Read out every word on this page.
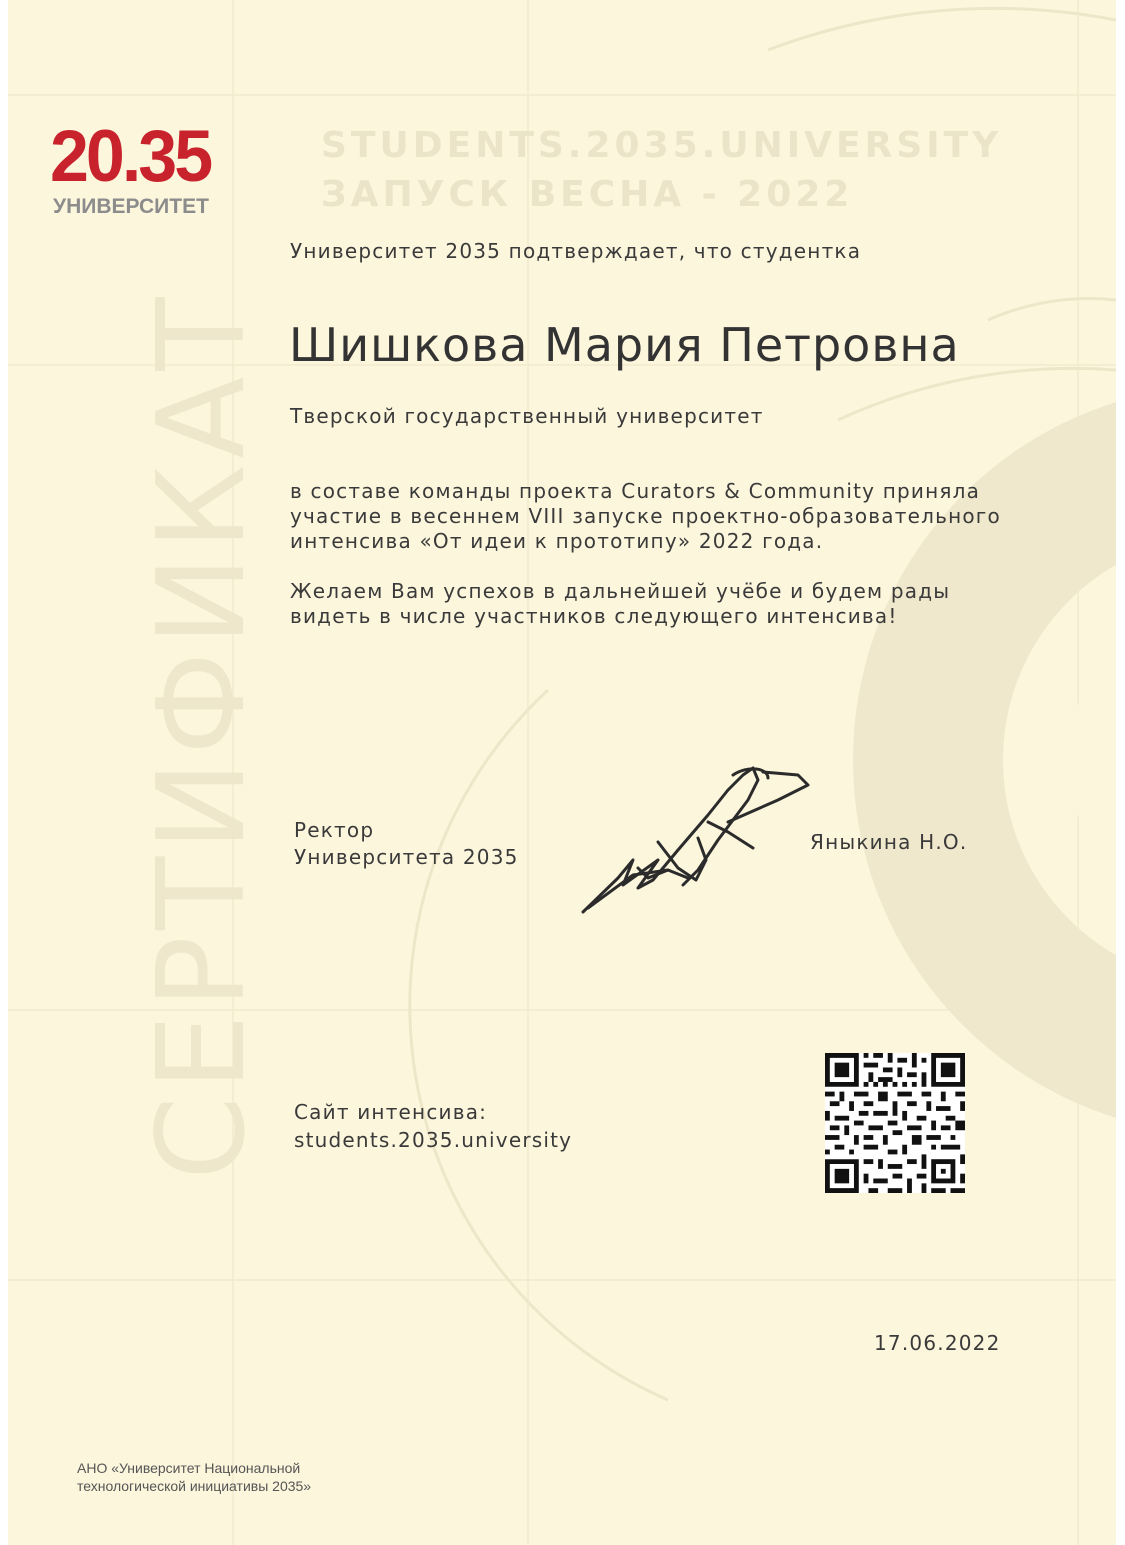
20.35
УНИВЕРСИТЕТ
STUDENTS.2035.UNIVERSITY
ЗАПУСК ВЕСНА - 2022
СЕРТИФИКАТ
Университет 2035 подтверждает, что студентка
Шишкова Мария Петровна
Тверской государственный университет
в составе команды проекта Curators & Community приняла
участие в весеннем VIII запуске проектно-образовательного
интенсива «От идеи к прототипу» 2022 года.
Желаем Вам успехов в дальнейшей учёбе и будем рады
видеть в числе участников следующего интенсива!
Ректор
Университета 2035
Яныкина Н.О.
Сайт интенсива:
students.2035.university
17.06.2022
АНО «Университет Национальной
технологической инициативы 2035»
